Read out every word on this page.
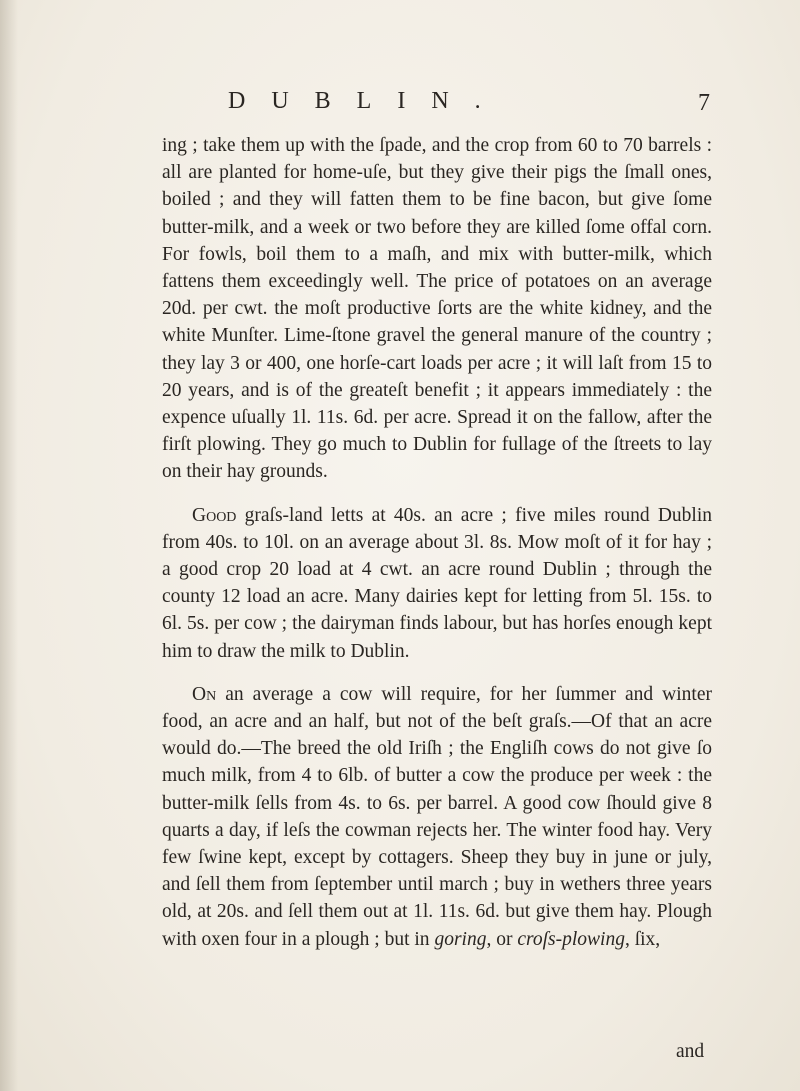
DUBLIN.	7

ing ; take them up with the ſpade, and the crop from 60 to 70 barrels : all are planted for home-uſe, but they give their pigs the ſmall ones, boiled ; and they will fatten them to be fine bacon, but give ſome butter-milk, and a week or two before they are killed ſome offal corn. For fowls, boil them to a maſh, and mix with butter-milk, which fattens them exceedingly well. The price of potatoes on an average 20d. per cwt. the moſt productive ſorts are the white kidney, and the white Munſter. Lime-ſtone gravel the general manure of the country ; they lay 3 or 400, one horſe-cart loads per acre ; it will laſt from 15 to 20 years, and is of the greateſt benefit ; it appears immediately : the expence uſually 1l. 11s. 6d. per acre. Spread it on the fallow, after the firſt plowing. They go much to Dublin for fullage of the ſtreets to lay on their hay grounds.

Good graſs-land letts at 40s. an acre ; five miles round Dublin from 40s. to 10l. on an average about 3l. 8s. Mow moſt of it for hay ; a good crop 20 load at 4 cwt. an acre round Dublin ; through the county 12 load an acre. Many dairies kept for letting from 5l. 15s. to 6l. 5s. per cow ; the dairyman finds labour, but has horſes enough kept him to draw the milk to Dublin.

On an average a cow will require, for her ſummer and winter food, an acre and an half, but not of the beſt graſs.—Of that an acre would do.—The breed the old Iriſh ; the Engliſh cows do not give ſo much milk, from 4 to 6lb. of butter a cow the produce per week : the butter-milk ſells from 4s. to 6s. per barrel. A good cow ſhould give 8 quarts a day, if leſs the cowman rejects her. The winter food hay. Very few ſwine kept, except by cottagers. Sheep they buy in june or july, and ſell them from ſeptember until march ; buy in wethers three years old, at 20s. and ſell them out at 1l. 11s. 6d. but give them hay. Plough with oxen four in a plough ; but in goring, or croſs-plowing, ſix,

and
